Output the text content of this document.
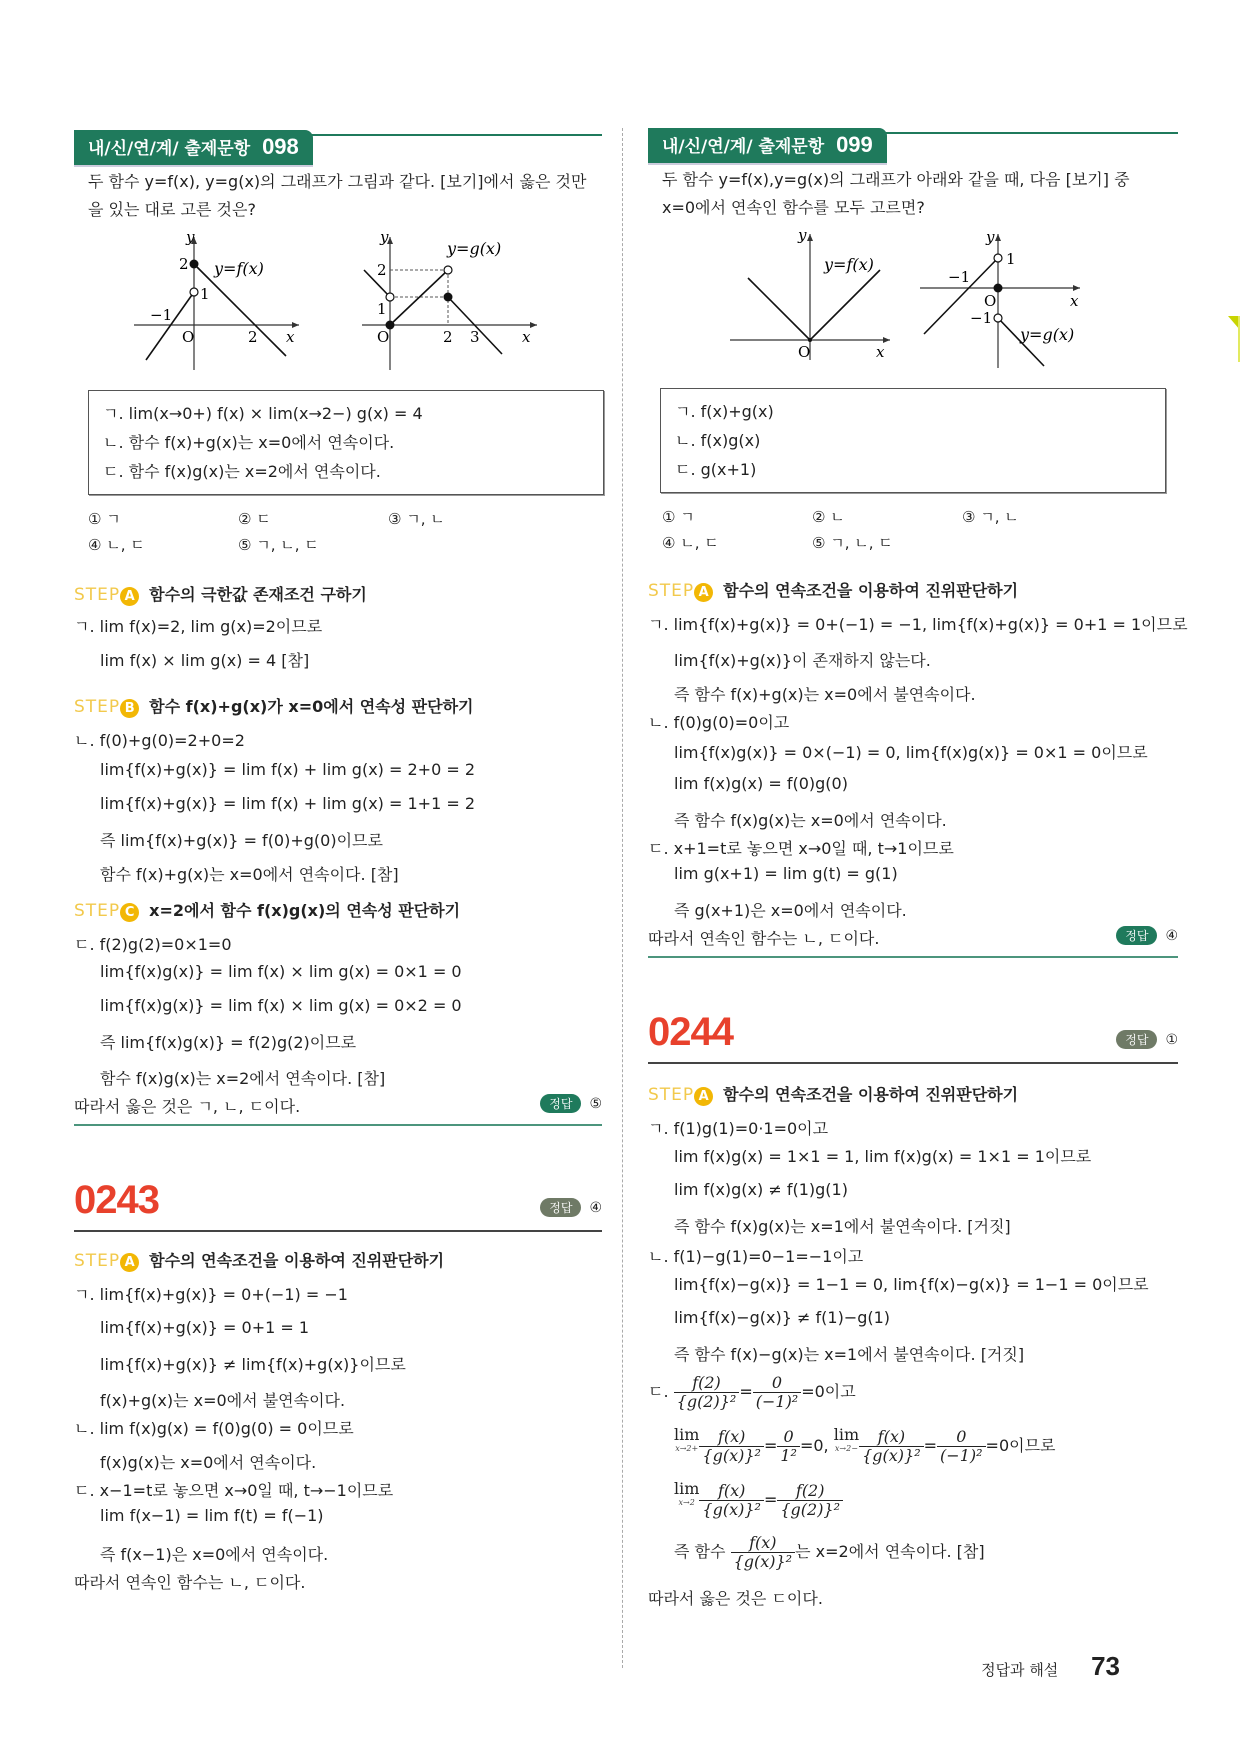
내/신/연/계/ 출제문항 098
두 함수 y=f(x), y=g(x)의 그래프가 그림과 같다. [보기]에서 옳은 것만
을 있는 대로 고른 것은?
y
2
1
−1
O	2 x
y=f(x)
y
2
1
O	2 3	x
y=g(x)
ㄱ. lim(x→0+) f(x) × lim(x→2−) g(x) = 4
ㄴ. 함수 f(x)+g(x)는 x=0에서 연속이다.
ㄷ. 함수 f(x)g(x)는 x=2에서 연속이다.
① ㄱ	② ㄷ	③ ㄱ, ㄴ
④ ㄴ, ㄷ	⑤ ㄱ, ㄴ, ㄷ
STEP A 함수의 극한값 존재조건 구하기
ㄱ. lim f(x)=2, lim g(x)=2이므로
lim f(x) × lim g(x) = 4 [참]
STEP B 함수 f(x)+g(x)가 x=0에서 연속성 판단하기
ㄴ. f(0)+g(0)=2+0=2
lim{f(x)+g(x)} = lim f(x) + lim g(x) = 2+0 = 2
lim{f(x)+g(x)} = lim f(x) + lim g(x) = 1+1 = 2
즉 lim{f(x)+g(x)} = f(0)+g(0)이므로
함수 f(x)+g(x)는 x=0에서 연속이다. [참]
STEP C x=2에서 함수 f(x)g(x)의 연속성 판단하기
ㄷ. f(2)g(2)=0×1=0
lim{f(x)g(x)} = lim f(x) × lim g(x) = 0×1 = 0
lim{f(x)g(x)} = lim f(x) × lim g(x) = 0×2 = 0
즉 lim{f(x)g(x)} = f(2)g(2)이므로
함수 f(x)g(x)는 x=2에서 연속이다. [참]
따라서 옳은 것은 ㄱ, ㄴ, ㄷ이다.	정답 ⑤
0243	정답 ④
STEP A 함수의 연속조건을 이용하여 진위판단하기
ㄱ. lim{f(x)+g(x)} = 0+(−1) = −1
lim{f(x)+g(x)} = 0+1 = 1
lim{f(x)+g(x)} ≠ lim{f(x)+g(x)}이므로
f(x)+g(x)는 x=0에서 불연속이다.
ㄴ. lim f(x)g(x) = f(0)g(0) = 0이므로
f(x)g(x)는 x=0에서 연속이다.
ㄷ. x−1=t로 놓으면 x→0일 때, t→−1이므로
lim f(x−1) = lim f(t) = f(−1)
즉 f(x−1)은 x=0에서 연속이다.
따라서 연속인 함수는 ㄴ, ㄷ이다.
내/신/연/계/ 출제문항 099
두 함수 y=f(x),y=g(x)의 그래프가 아래와 같을 때, 다음 [보기] 중
x=0에서 연속인 함수를 모두 고르면?
y
O	x
y=f(x)
y
1
−1
O
−1
x
y=g(x)
ㄱ. f(x)+g(x)
ㄴ. f(x)g(x)
ㄷ. g(x+1)
① ㄱ	② ㄴ	③ ㄱ, ㄴ
④ ㄴ, ㄷ	⑤ ㄱ, ㄴ, ㄷ
STEP A 함수의 연속조건을 이용하여 진위판단하기
ㄱ. lim{f(x)+g(x)} = 0+(−1) = −1, lim{f(x)+g(x)} = 0+1 = 1이므로
lim{f(x)+g(x)}이 존재하지 않는다.
즉 함수 f(x)+g(x)는 x=0에서 불연속이다.
ㄴ. f(0)g(0)=0이고
lim{f(x)g(x)} = 0×(−1) = 0, lim{f(x)g(x)} = 0×1 = 0이므로
lim f(x)g(x) = f(0)g(0)
즉 함수 f(x)g(x)는 x=0에서 연속이다.
ㄷ. x+1=t로 놓으면 x→0일 때, t→1이므로
lim g(x+1) = lim g(t) = g(1)
즉 g(x+1)은 x=0에서 연속이다.
따라서 연속인 함수는 ㄴ, ㄷ이다.	정답 ④
0244	정답 ①
STEP A 함수의 연속조건을 이용하여 진위판단하기
ㄱ. f(1)g(1)=0·1=0이고
lim f(x)g(x) = 1×1 = 1, lim f(x)g(x) = 1×1 = 1이므로
lim f(x)g(x) ≠ f(1)g(1)
즉 함수 f(x)g(x)는 x=1에서 불연속이다. [거짓]
ㄴ. f(1)−g(1)=0−1=−1이고
lim{f(x)−g(x)} = 1−1 = 0, lim{f(x)−g(x)} = 1−1 = 0이므로
lim{f(x)−g(x)} ≠ f(1)−g(1)
즉 함수 f(x)−g(x)는 x=1에서 불연속이다. [거짓]
ㄷ. $\frac{f(2)}{\text{\{g(2)\}²}} = \frac{0}{\text{(−1)²}} =0$이고
lim
$x\to 2+ \frac{f(x)}{\text{\{g(x)\}²}} = \frac{0}{\text{1²}} =0$, lim
$x\to 2- \frac{f(x)}{\text{\{g(x)\}²}} = \frac{0}{\text{(−1)²}} =0$이므로
lim
$x\to 2 \frac{f(x)}{\text{\{g(x)\}²}} = \frac{f(2)}{\text{\{g(2)\}²}}$
즉 함수 $\frac{f(x)}{\text{\{g(x)\}²}}$ 는 x=2에서 연속이다. [참]
따라서 옳은 것은 ㄷ이다.
정답과 해설 73
